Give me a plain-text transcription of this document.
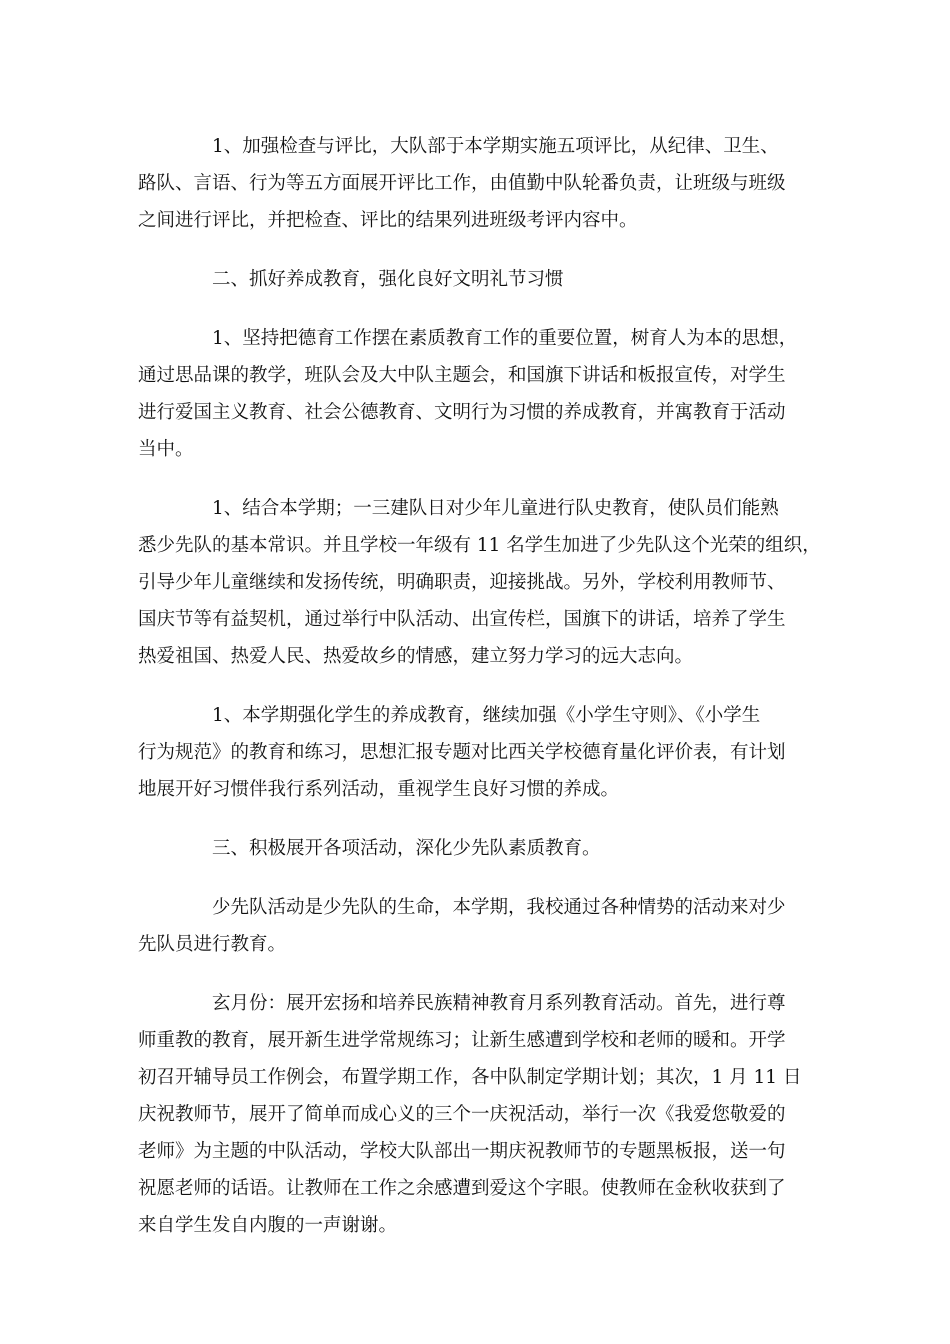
1、加强检查与评比，大队部于本学期实施五项评比，从纪律、卫生、
路队、言语、行为等五方面展开评比工作，由值勤中队轮番负责，让班级与班级
之间进行评比，并把检查、评比的结果列进班级考评内容中。

二、抓好养成教育，强化良好文明礼节习惯

1、坚持把德育工作摆在素质教育工作的重要位置，树育人为本的思想，
通过思品课的教学，班队会及大中队主题会，和国旗下讲话和板报宣传，对学生
进行爱国主义教育、社会公德教育、文明行为习惯的养成教育，并寓教育于活动
当中。

1、结合本学期；一三建队日对少年儿童进行队史教育，使队员们能熟
悉少先队的基本常识。并且学校一年级有 11 名学生加进了少先队这个光荣的组织，
引导少年儿童继续和发扬传统，明确职责，迎接挑战。另外，学校利用教师节、
国庆节等有益契机，通过举行中队活动、出宣传栏，国旗下的讲话，培养了学生
热爱祖国、热爱人民、热爱故乡的情感，建立努力学习的远大志向。

1、本学期强化学生的养成教育，继续加强《小学生守则》、《小学生
行为规范》的教育和练习，思想汇报专题对比西关学校德育量化评价表，有计划
地展开好习惯伴我行系列活动，重视学生良好习惯的养成。

三、积极展开各项活动，深化少先队素质教育。

少先队活动是少先队的生命，本学期，我校通过各种情势的活动来对少
先队员进行教育。

玄月份：展开宏扬和培养民族精神教育月系列教育活动。首先，进行尊
师重教的教育，展开新生进学常规练习；让新生感遭到学校和老师的暖和。开学
初召开辅导员工作例会，布置学期工作，各中队制定学期计划；其次，1 月 11 日
庆祝教师节，展开了简单而成心义的三个一庆祝活动，举行一次《我爱您敬爱的
老师》为主题的中队活动，学校大队部出一期庆祝教师节的专题黑板报，送一句
祝愿老师的话语。让教师在工作之余感遭到爱这个字眼。使教师在金秋收获到了
来自学生发自内腹的一声谢谢。
